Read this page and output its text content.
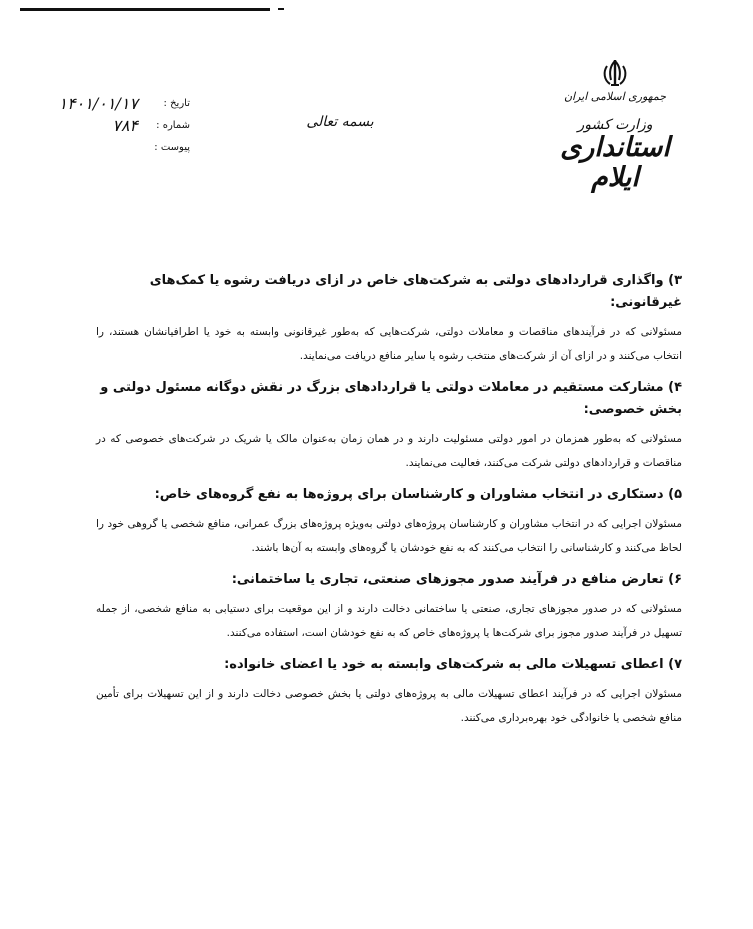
تاریخ :
۱۴۰۱/۰۱/۱۷
شماره :
۷۸۴
پیوست :
بسمه تعالی
جمهوری اسلامی ایران
وزارت کشور
استانداری ایلام

۳) واگذاری قراردادهای دولتی به شرکت‌های خاص در ازای دریافت رشوه یا کمک‌های غیرقانونی:

مسئولانی که در فرآیندهای مناقصات و معاملات دولتی، شرکت‌هایی که به‌طور غیرقانونی وابسته به خود یا اطرافیانشان هستند، را انتخاب می‌کنند و در ازای آن از شرکت‌های منتخب رشوه یا سایر منافع دریافت می‌نمایند.

۴) مشارکت مستقیم در معاملات دولتی یا قراردادهای بزرگ در نقش دوگانه مسئول دولتی و بخش خصوصی:

مسئولانی که به‌طور همزمان در امور دولتی مسئولیت دارند و در همان زمان به‌عنوان مالک یا شریک در شرکت‌های خصوصی که در مناقصات و قراردادهای دولتی شرکت می‌کنند، فعالیت می‌نمایند.

۵) دستکاری در انتخاب مشاوران و کارشناسان برای پروژه‌ها به نفع گروه‌های خاص:

مسئولان اجرایی که در انتخاب مشاوران و کارشناسان پروژه‌های دولتی به‌ویژه پروژه‌های بزرگ عمرانی، منافع شخصی یا گروهی خود را لحاظ می‌کنند و کارشناسانی را انتخاب می‌کنند که به نفع خودشان یا گروه‌های وابسته به آن‌ها باشند.

۶) تعارض منافع در فرآیند صدور مجوزهای صنعتی، تجاری یا ساختمانی:

مسئولانی که در صدور مجوزهای تجاری، صنعتی یا ساختمانی دخالت دارند و از این موقعیت برای دستیابی به منافع شخصی، از جمله تسهیل در فرآیند صدور مجوز برای شرکت‌ها یا پروژه‌های خاص که به نفع خودشان است، استفاده می‌کنند.

۷) اعطای تسهیلات مالی به شرکت‌های وابسته به خود یا اعضای خانواده:

مسئولان اجرایی که در فرآیند اعطای تسهیلات مالی به پروژه‌های دولتی یا بخش خصوصی دخالت دارند و از این تسهیلات برای تأمین منافع شخصی یا خانوادگی خود بهره‌برداری می‌کنند.
